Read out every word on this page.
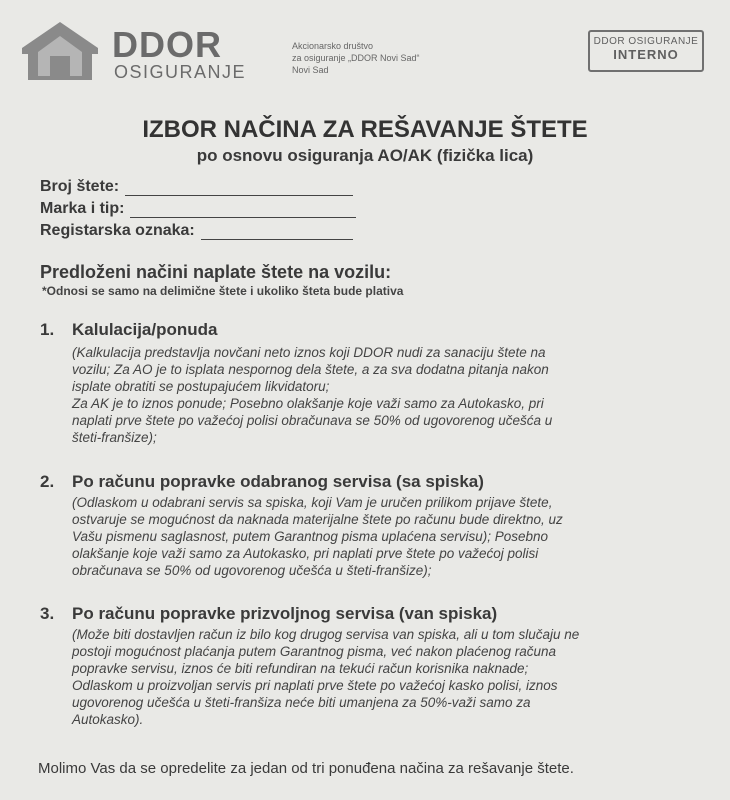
DDOR
OSIGURANJE
Akcionarsko društvo
za osiguranje „DDOR Novi Sad“
Novi Sad
DDOR OSIGURANJE
INTERNO
IZBOR NAČINA ZA REŠAVANJE ŠTETE
po osnovu osiguranja AO/AK (fizička lica)
Broj štete:
Marka i tip:
Registarska oznaka:
Predloženi načini naplate štete na vozilu:
*Odnosi se samo na delimične štete i ukoliko šteta bude plativa
1. Kalulacija/ponuda
(Kalkulacija predstavlja novčani neto iznos koji DDOR nudi za sanaciju štete na
vozilu; Za AO je to isplata nespornog dela štete, a za sva dodatna pitanja nakon
isplate obratiti se postupajućem likvidatoru;
Za AK je to iznos ponude; Posebno olakšanje koje važi samo za Autokasko, pri
naplati prve štete po važećoj polisi obračunava se 50% od ugovorenog učešća u
šteti-franšize);
2. Po računu popravke odabranog servisa (sa spiska)
(Odlaskom u odabrani servis sa spiska, koji Vam je uručen prilikom prijave štete,
ostvaruje se mogućnost da naknada materijalne štete po računu bude direktno, uz
Vašu pismenu saglasnost, putem Garantnog pisma uplaćena servisu); Posebno
olakšanje koje važi samo za Autokasko, pri naplati prve štete po važećoj polisi
obračunava se 50% od ugovorenog učešća u šteti-franšize);
3. Po računu popravke prizvoljnog servisa (van spiska)
(Može biti dostavljen račun iz bilo kog drugog servisa van spiska, ali u tom slučaju ne
postoji mogućnost plaćanja putem Garantnog pisma, već nakon plaćenog računa
popravke servisu, iznos će biti refundiran na tekući račun korisnika naknade;
Odlaskom u proizvoljan servis pri naplati prve štete po važećoj kasko polisi, iznos
ugovorenog učešća u šteti-franšiza neće biti umanjena za 50%-važi samo za
Autokasko).
Molimo Vas da se opredelite za jedan od tri ponuđena načina za rešavanje štete.
